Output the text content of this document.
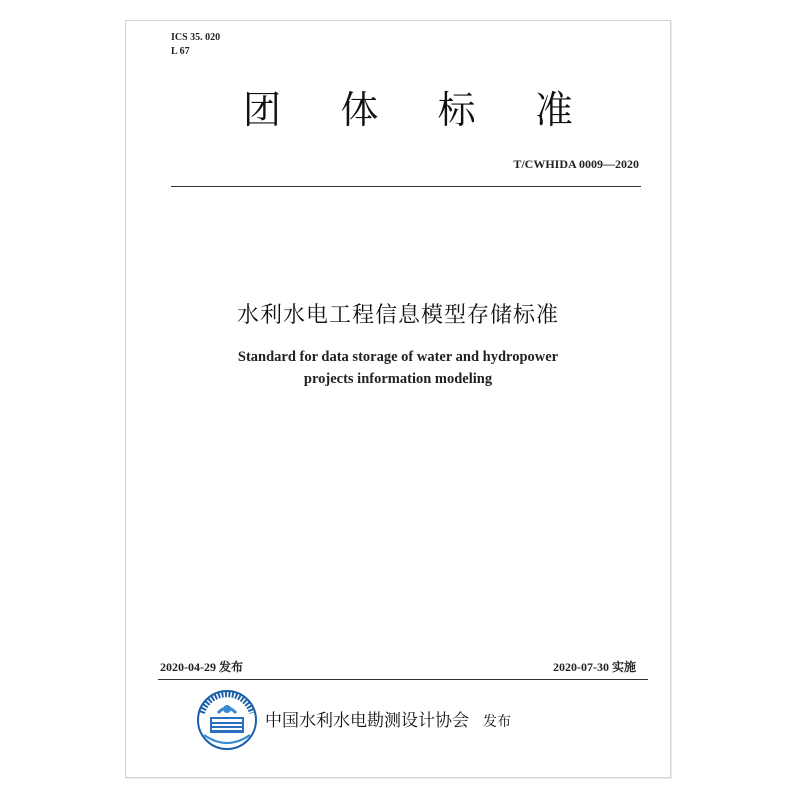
ICS 35. 020
L 67
团 体 标 准
T/CWHIDA 0009—2020
水利水电工程信息模型存储标准
Standard for data storage of water and hydropower
projects information modeling
2020-04-29 发布	2020-07-30 实施
中国水利水电勘测设计协会 发布
